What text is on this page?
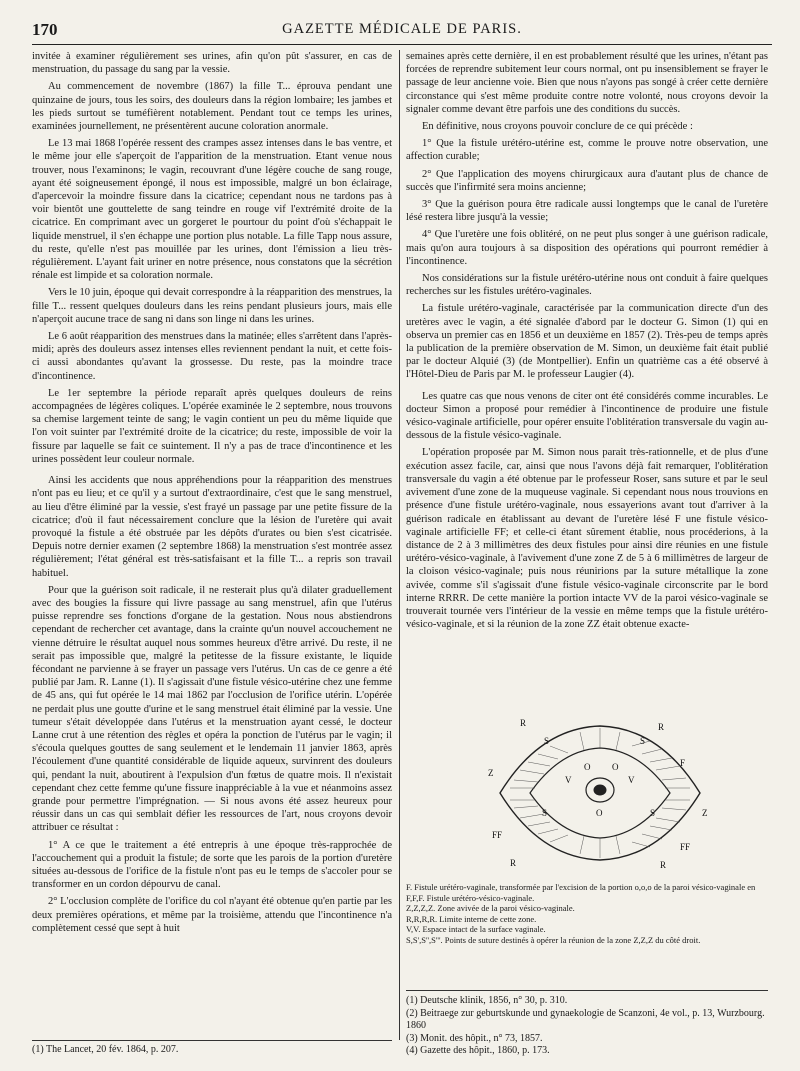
170	GAZETTE MÉDICALE DE PARIS.

invitée à examiner régulièrement ses urines, afin qu'on pût s'assurer, en cas de menstruation, du passage du sang par la vessie.

Au commencement de novembre (1867) la fille T... éprouva pendant une quinzaine de jours, tous les soirs, des douleurs dans la région lombaire; les jambes et les pieds surtout se tuméfièrent notablement. Pendant tout ce temps les urines, examinées journellement, ne présentèrent aucune coloration anormale.

Le 13 mai 1868 l'opérée ressent des crampes assez intenses dans le bas ventre, et le même jour elle s'aperçoit de l'apparition de la menstruation. Etant venue nous trouver, nous l'examinons; le vagin, recouvrant d'une légère couche de sang rouge, ayant été soigneusement épongé, il nous est impossible, malgré un bon éclairage, d'apercevoir la moindre fissure dans la cicatrice; cependant nous ne tardons pas à voir bientôt une gouttelette de sang teindre en rouge vif l'extrémité droite de la cicatrice. En comprimant avec un gorgeret le pourtour du point d'où s'échappait le liquide menstruel, il s'en échappe une portion plus notable. La fille Tapp nous assure, du reste, qu'elle n'est pas mouillée par les urines, dont l'émission a lieu très-régulièrement. L'ayant fait uriner en notre présence, nous constatons que la sécrétion rénale est limpide et sa coloration normale.

Vers le 10 juin, époque qui devait correspondre à la réapparition des menstrues, la fille T... ressent quelques douleurs dans les reins pendant plusieurs jours, mais elle n'aperçoit aucune trace de sang ni dans son linge ni dans les urines.

Le 6 août réapparition des menstrues dans la matinée; elles s'arrêtent dans l'après-midi; après des douleurs assez intenses elles reviennent pendant la nuit, et cette fois-ci aussi abondantes qu'avant la grossesse. Du reste, pas la moindre trace d'incontinence.

Le 1er septembre la période reparaît après quelques douleurs de reins accompagnées de légères coliques. L'opérée examinée le 2 septembre, nous trouvons sa chemise largement teinte de sang; le vagin contient un peu du même liquide que l'on voit suinter par l'extrémité droite de la cicatrice; du reste, impossible de voir la fissure par laquelle se fait ce suintement. Il n'y a pas de trace d'incontinence et les urines possèdent leur couleur normale.

Ainsi les accidents que nous appréhendions pour la réapparition des menstrues n'ont pas eu lieu; et ce qu'il y a surtout d'extraordinaire, c'est que le sang menstruel, au lieu d'être éliminé par la vessie, s'est frayé un passage par une petite fissure de la cicatrice; d'où il faut nécessairement conclure que la lésion de l'uretère qui avait provoqué la fistule a été obstruée par les dépôts d'urates ou bien s'est cicatrisée. Depuis notre dernier examen (2 septembre 1868) la menstruation s'est montrée assez régulièrement; l'état général est très-satisfaisant et la fille T... a repris son travail habituel.

Pour que la guérison soit radicale, il ne resterait plus qu'à dilater graduellement avec des bougies la fissure qui livre passage au sang menstruel, afin que l'utérus puisse reprendre ses fonctions d'organe de la gestation. Nous nous abstiendrons cependant de rechercher cet avantage, dans la crainte qu'un nouvel accouchement ne vienne détruire le résultat auquel nous sommes heureux d'être arrivé. Du reste, il ne serait pas impossible que, malgré la petitesse de la fissure existante, le liquide fécondant ne parvienne à se frayer un passage vers l'utérus. Un cas de ce genre a été publié par Jam. R. Lanne (1). Il s'agissait d'une fistule vésico-utérine chez une femme de 45 ans, qui fut opérée le 14 mai 1862 par l'occlusion de l'orifice utérin. L'opérée ne perdait plus une goutte d'urine et le sang menstruel était éliminé par la vessie. Une tumeur s'était développée dans l'utérus et la menstruation ayant cessé, le docteur Lanne crut à une rétention des règles et opéra la ponction de l'utérus par le vagin; il s'écoula quelques gouttes de sang seulement et le lendemain 11 janvier 1863, après l'écoulement d'une quantité considérable de liquide aqueux, survinrent des douleurs qui, pendant la nuit, aboutirent à l'expulsion d'un fœtus de quatre mois. Il n'existait cependant chez cette femme qu'une fissure inappréciable à la vue et néanmoins assez grande pour permettre l'imprégnation. — Si nous avons été assez heureux pour réussir dans un cas qui semblait défier les ressources de l'art, nous croyons devoir attribuer ce résultat :

1° A ce que le traitement a été entrepris à une époque très-rapprochée de l'accouchement qui a produit la fistule; de sorte que les parois de la portion d'uretère situées au-dessous de l'orifice de la fistule n'ont pas eu le temps de s'accoler pour se transformer en un cordon dépourvu de canal.

2° L'occlusion complète de l'orifice du col n'ayant été obtenue qu'en partie par les deux premières opérations, et même par la troisième, attendu que l'incontinence n'a complètement cessé que sept à huit

semaines après cette dernière, il en est probablement résulté que les urines, n'étant pas forcées de reprendre subitement leur cours normal, ont pu insensiblement se frayer le passage de leur ancienne voie. Bien que nous n'ayons pas songé à créer cette dernière circonstance qui s'est même produite contre notre volonté, nous croyons devoir la signaler comme devant être parfois une des conditions du succès.

En définitive, nous croyons pouvoir conclure de ce qui précède :

1° Que la fistule urétéro-utérine est, comme le prouve notre observation, une affection curable;

2° Que l'application des moyens chirurgicaux aura d'autant plus de chance de succès que l'infirmité sera moins ancienne;

3° Que la guérison poura être radicale aussi longtemps que le canal de l'uretère lésé restera libre jusqu'à la vessie;

4° Que l'uretère une fois oblitéré, on ne peut plus songer à une guérison radicale, mais qu'on aura toujours à sa disposition des opérations qui pourront remédier à l'incontinence.

Nos considérations sur la fistule urétéro-utérine nous ont conduit à faire quelques recherches sur les fistules urétéro-vaginales.

La fistule urétéro-vaginale, caractérisée par la communication directe d'un des uretères avec le vagin, a été signalée d'abord par le docteur G. Simon (1) qui en observa un premier cas en 1856 et un deuxième en 1857 (2). Très-peu de temps après la publication de la première observation de M. Simon, un deuxième fait était publié par le docteur Alquié (3) (de Montpellier). Enfin un quatrième cas a été observé à l'Hôtel-Dieu de Paris par M. le professeur Laugier (4).

Les quatre cas que nous venons de citer ont été considérés comme incurables. Le docteur Simon a proposé pour remédier à l'incontinence de produire une fistule vésico-vaginale artificielle, pour opérer ensuite l'oblitération transversale du vagin au-dessous de la fistule vésico-vaginale.

L'opération proposée par M. Simon nous parait très-rationnelle, et de plus d'une exécution assez facile, car, ainsi que nous l'avons déjà fait remarquer, l'oblitération transversale du vagin a été obtenue par le professeur Roser, sans suture et par le seul avivement d'une zone de la muqueuse vaginale. Si cependant nous nous trouvions en présence d'une fistule urétéro-vaginale, nous essayerions avant tout d'arriver à la guérison radicale en établissant au devant de l'uretère lésé F une fistule vésico-vaginale artificielle FF; et celle-ci étant sûrement établie, nous procéderions, à la distance de 2 à 3 millimètres des deux fistules pour ainsi dire réunies en une fistule urétéro-vésico-vaginale, à l'avivement d'une zone Z de 5 à 6 millimètres de largeur de la cloison vésico-vaginale; puis nous réunirions par la suture métallique la zone avivée, comme s'il s'agissait d'une fistule vésico-vaginale circonscrite par le bord interne RRRR. De cette manière la portion intacte VV de la paroi vésico-vaginale se trouverait tournée vers l'intérieur de la vessie en même temps que la fistule urétéro-vésico-vaginale, et si la réunion de la zone ZZ était obtenue exacte-

R	R
F
Z
Z
FF
FF
R	R
V	V
O O
O
S	S
S	S
F. Fistule urétéro-vaginale, transformée par l'excision de la portion o,o,o de la paroi vésico-vaginale en
F,F,F. Fistule urétéro-vésico-vaginale.
Z,Z,Z,Z. Zone avivée de la paroi vésico-vaginale.
R,R,R,R. Limite interne de cette zone.
V,V. Espace intact de la surface vaginale.
S,S',S'',S'''. Points de suture destinés à opérer la réunion de la zone Z,Z,Z du côté droit.
(1) Deutsche klinik, 1856, n° 30, p. 310.
(2) Beitraege zur geburtskunde und gynaekologie de Scanzoni, 4e vol., p. 13, Wurzbourg. 1860
(3) Monit. des hôpit., n° 73, 1857.
(4) Gazette des hôpit., 1860, p. 173.
(1) The Lancet, 20 fév. 1864, p. 207.
